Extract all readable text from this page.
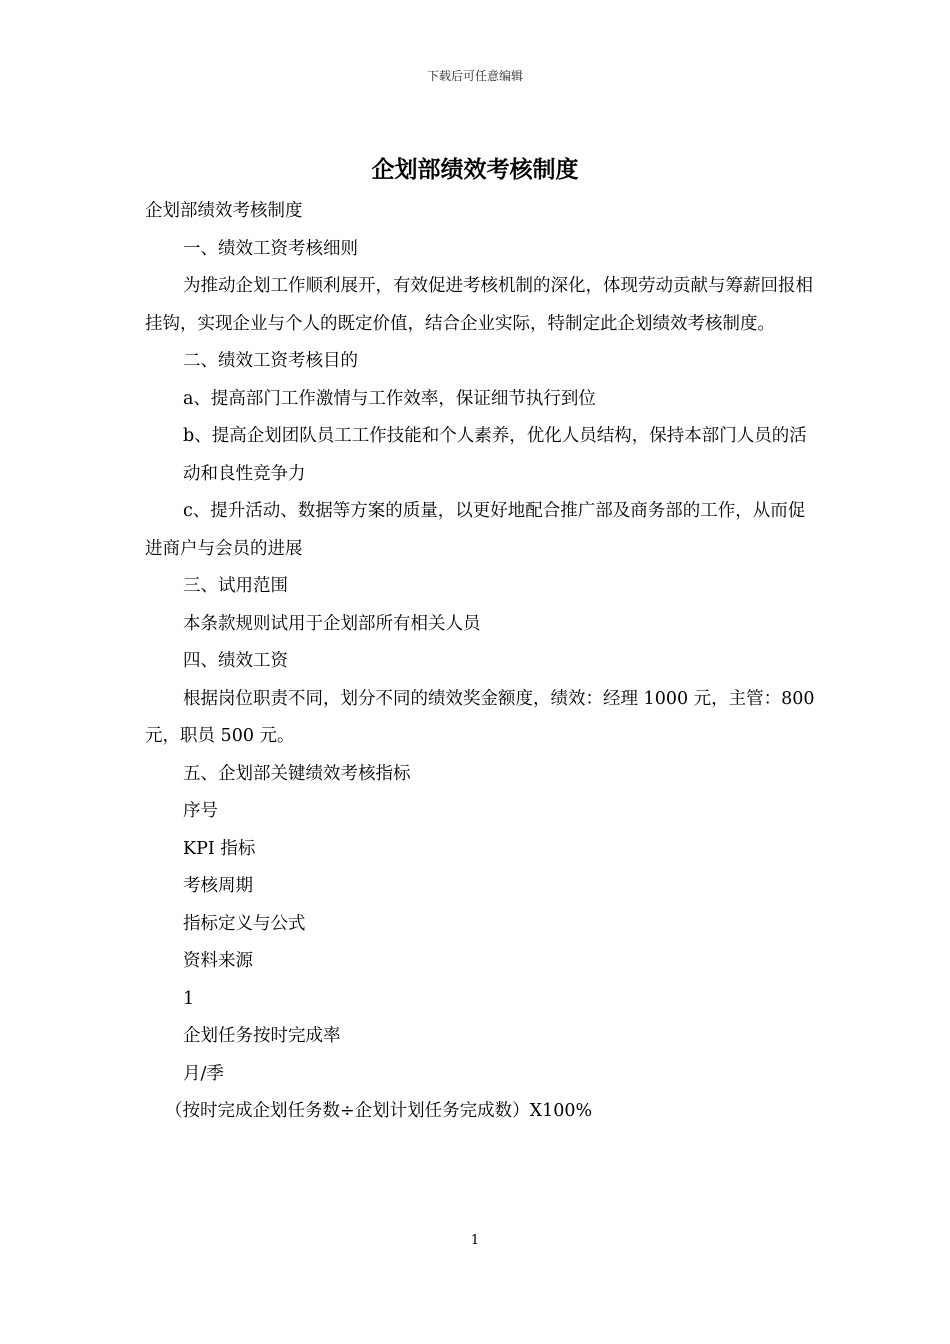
下载后可任意编辑
企划部绩效考核制度

企划部绩效考核制度

一、绩效工资考核细则

为推动企划工作顺利展开，有效促进考核机制的深化，体现劳动贡献与筹薪回报相挂钩，实现企业与个人的既定价值，结合企业实际，特制定此企划绩效考核制度。

二、绩效工资考核目的

a、提高部门工作激情与工作效率，保证细节执行到位

b、提高企划团队员工工作技能和个人素养，优化人员结构，保持本部门人员的活

动和良性竞争力

c、提升活动、数据等方案的质量，以更好地配合推广部及商务部的工作，从而促进商户与会员的进展

三、试用范围

本条款规则试用于企划部所有相关人员

四、绩效工资

根据岗位职责不同，划分不同的绩效奖金额度，绩效：经理 1000 元，主管：800 元，职员 500 元。

五、企划部关键绩效考核指标

序号

KPI 指标

考核周期

指标定义与公式

资料来源

1

企划任务按时完成率

月/季

（按时完成企划任务数÷企划计划任务完成数）X100%

1
